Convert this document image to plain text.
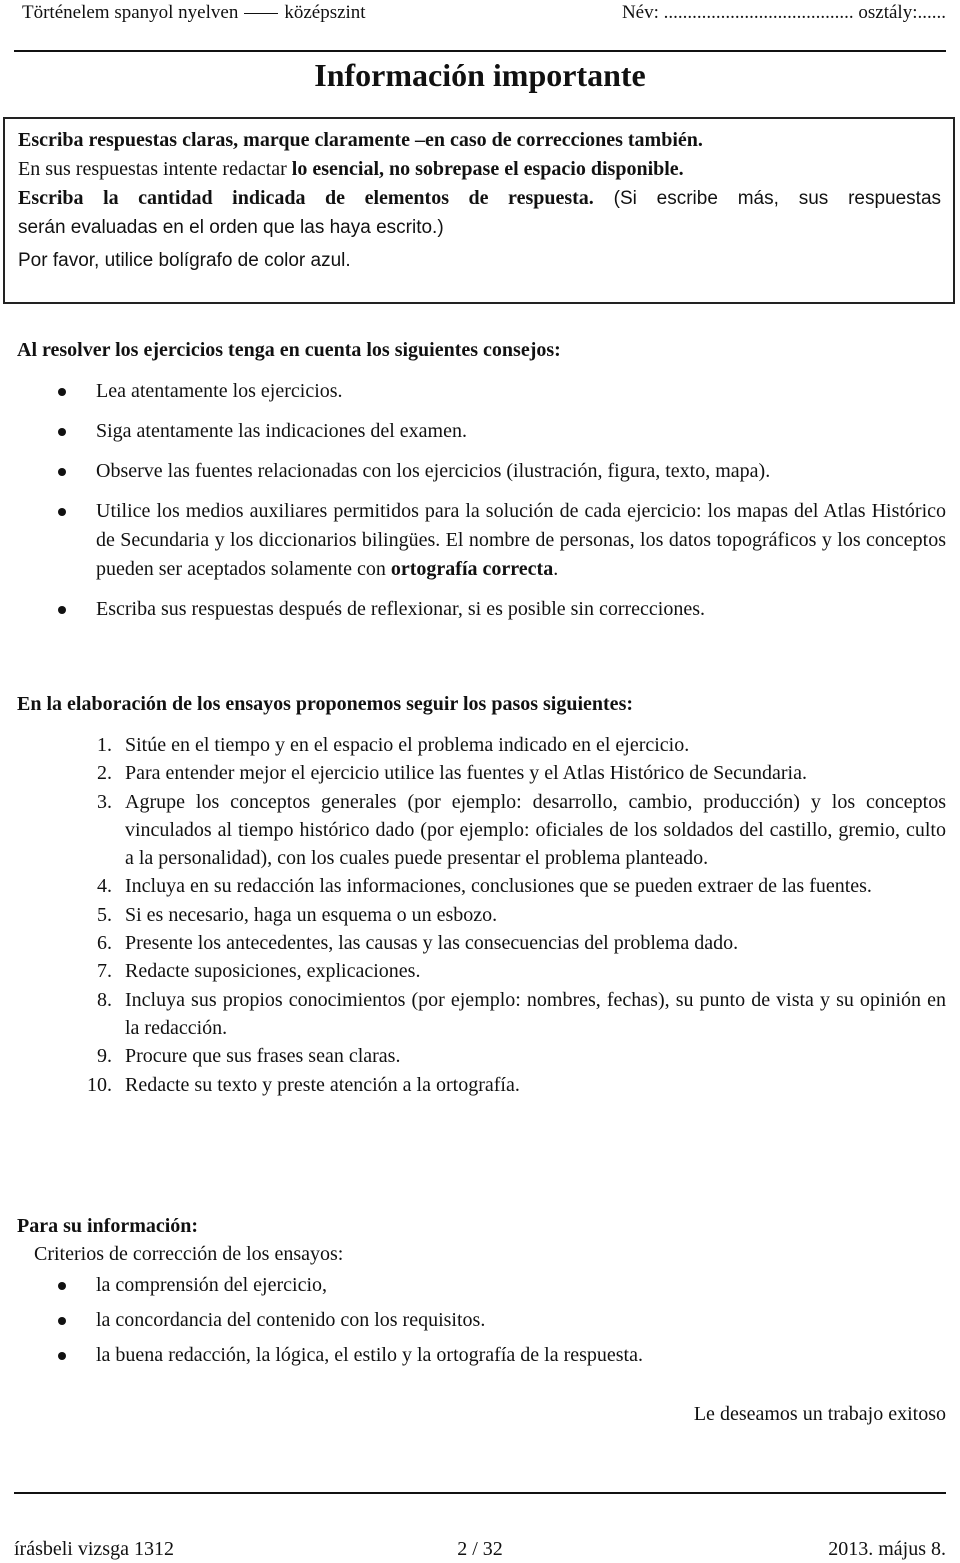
Történelem spanyol nyelven középszint	Név: ........................................ osztály:......
Información importante

Escriba respuestas claras, marque claramente –en caso de correcciones también.

En sus respuestas intente redactar lo esencial, no sobrepase el espacio disponible.

Escriba la cantidad indicada de elementos de respuesta. (Si escribe más, sus respuestas

serán evaluadas en el orden que las haya escrito.)

Por favor, utilice bolígrafo de color azul.

Al resolver los ejercicios tenga en cuenta los siguientes consejos:
Lea atentamente los ejercicios.
Siga atentamente las indicaciones del examen.
Observe las fuentes relacionadas con los ejercicios (ilustración, figura, texto, mapa).
Utilice los medios auxiliares permitidos para la solución de cada ejercicio: los mapas del Atlas Histórico de Secundaria y los diccionarios bilingües. El nombre de personas, los datos topográficos y los conceptos pueden ser aceptados solamente con ortografía correcta.
Escriba sus respuestas después de reflexionar, si es posible sin correcciones.
En la elaboración de los ensayos proponemos seguir los pasos siguientes:
1. Sitúe en el tiempo y en el espacio el problema indicado en el ejercicio.
2. Para entender mejor el ejercicio utilice las fuentes y el Atlas Histórico de Secundaria.
3. Agrupe los conceptos generales (por ejemplo: desarrollo, cambio, producción) y los conceptos vinculados al tiempo histórico dado (por ejemplo: oficiales de los soldados del castillo, gremio, culto a la personalidad), con los cuales puede presentar el problema planteado.
4. Incluya en su redacción las informaciones, conclusiones que se pueden extraer de las fuentes.
5. Si es necesario, haga un esquema o un esbozo.
6. Presente los antecedentes, las causas y las consecuencias del problema dado.
7. Redacte suposiciones, explicaciones.
8. Incluya sus propios conocimientos (por ejemplo: nombres, fechas), su punto de vista y su opinión en la redacción.
9. Procure que sus frases sean claras.
10. Redacte su texto y preste atención a la ortografía.
Para su información:
Criterios de corrección de los ensayos:
la comprensión del ejercicio,
la concordancia del contenido con los requisitos.
la buena redacción, la lógica, el estilo y la ortografía de la respuesta.
Le deseamos un trabajo exitoso
írásbeli vizsga 1312	2 / 32	2013. május 8.
